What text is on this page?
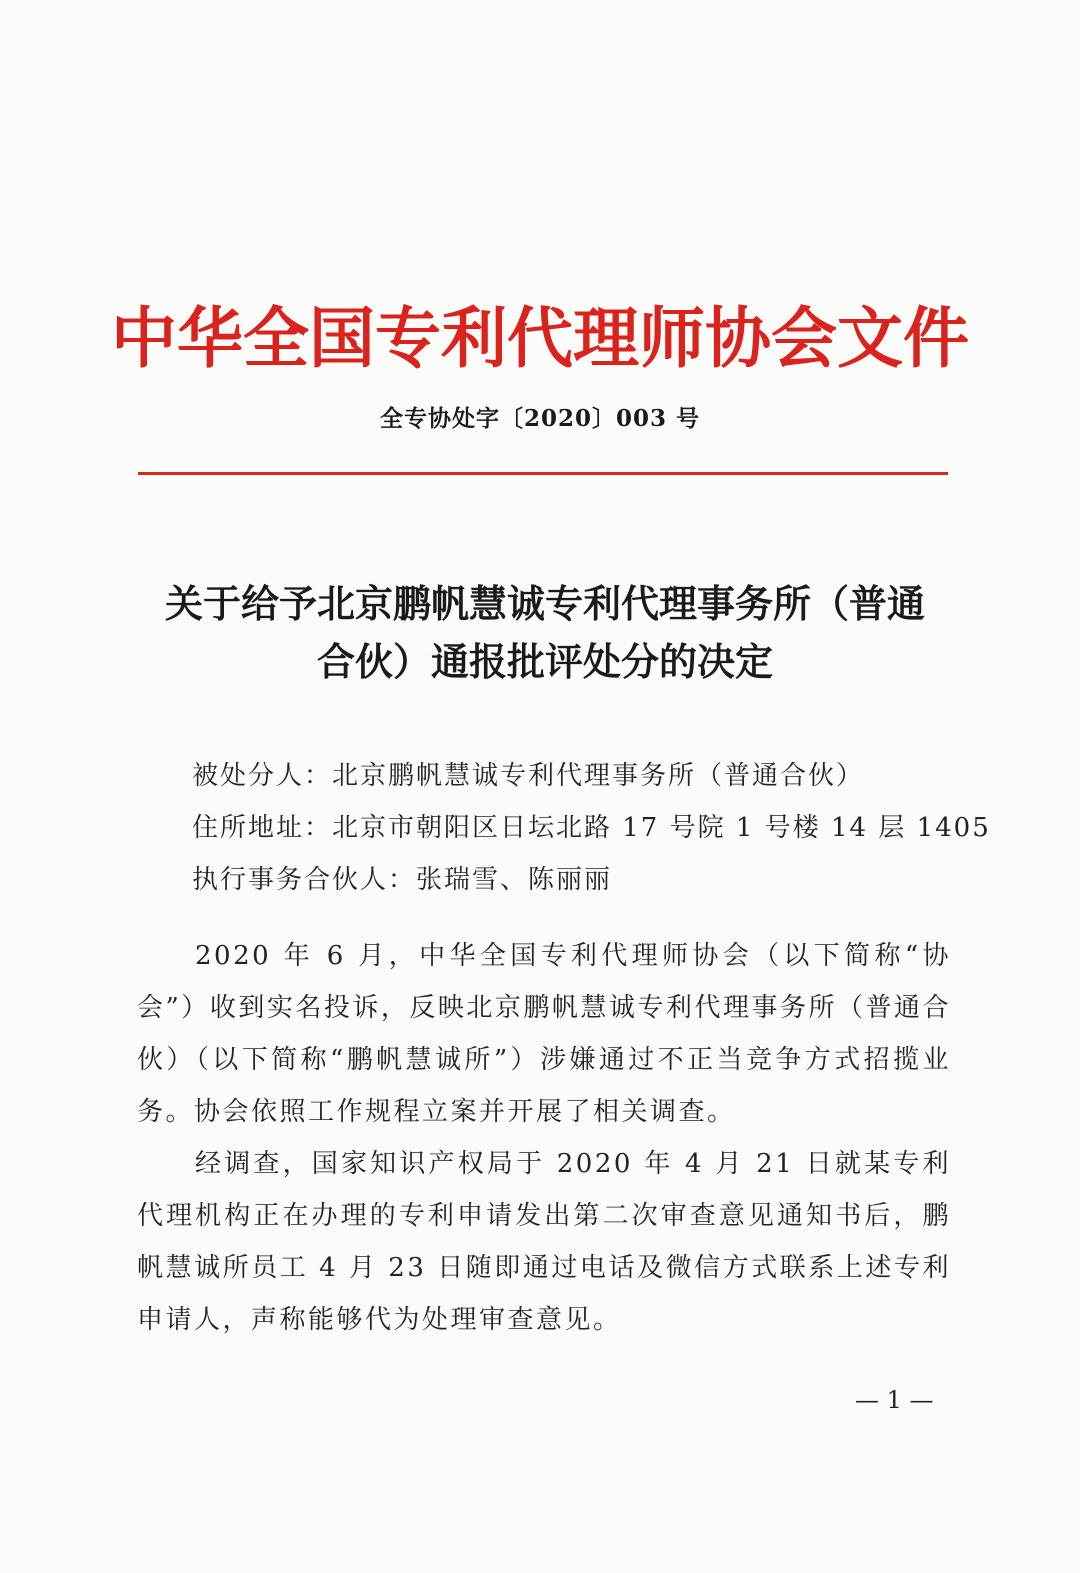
中华全国专利代理师协会文件
全专协处字〔2020〕003 号
关于给予北京鹏帆慧诚专利代理事务所（普通
合伙）通报批评处分的决定
被处分人：北京鹏帆慧诚专利代理事务所（普通合伙）
住所地址：北京市朝阳区日坛北路 17 号院 1 号楼 14 层 1405
执行事务合伙人：张瑞雪、陈丽丽

2020 年 6 月，中华全国专利代理师协会（以下简称“协会”）收到实名投诉，反映北京鹏帆慧诚专利代理事务所（普通合伙）（以下简称“鹏帆慧诚所”）涉嫌通过不正当竞争方式招揽业务。协会依照工作规程立案并开展了相关调查。

经调查，国家知识产权局于 2020 年 4 月 21 日就某专利代理机构正在办理的专利申请发出第二次审查意见通知书后，鹏帆慧诚所员工 4 月 23 日随即通过电话及微信方式联系上述专利申请人，声称能够代为处理审查意见。

— 1 —
